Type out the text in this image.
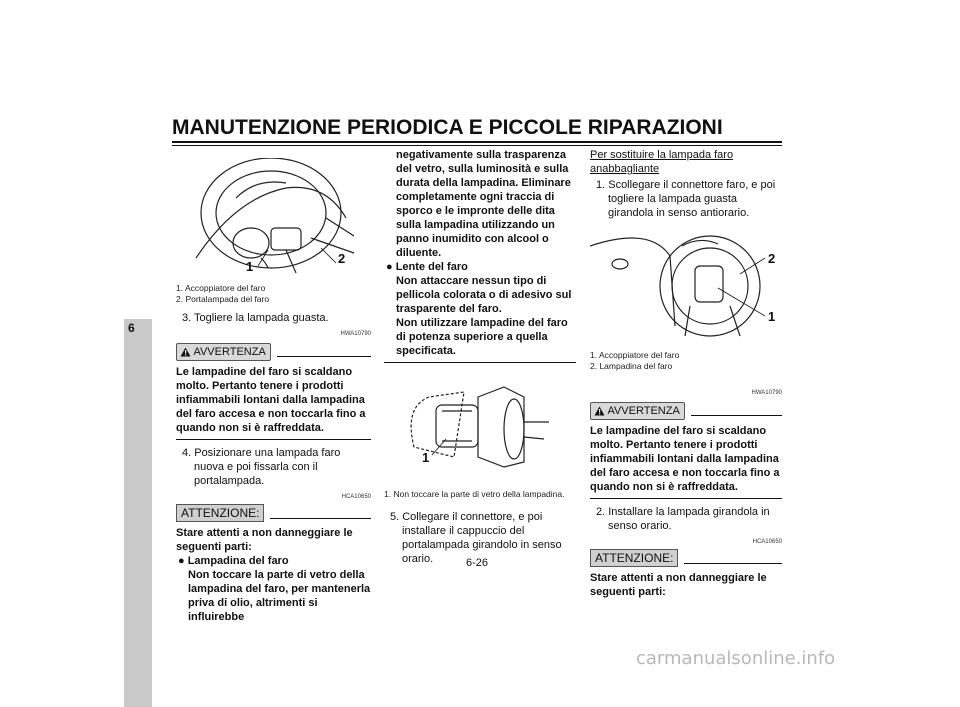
MANUTENZIONE PERIODICA E PICCOLE RIPARAZIONI
6
1
2
1. Accoppiatore del faro
2. Portalampada del faro
3. Togliere la lampada guasta.
HWA10790
AVVERTENZA
Le lampadine del faro si scaldano molto. Pertanto tenere i prodotti infiammabili lontani dalla lampadina del faro accesa e non toccarla fino a quando non si è raffreddata.
4. Posizionare una lampada faro nuova e poi fissarla con il portalampada.
HCA10650
ATTENZIONE:
Stare attenti a non danneggiare le seguenti parti:
● Lampadina del faro
Non toccare la parte di vetro della lampadina del faro, per mantenerla priva di olio, altrimenti si influirebbe
negativamente sulla trasparenza del vetro, sulla luminosità e sulla durata della lampadina. Eliminare completamente ogni traccia di sporco e le impronte delle dita sulla lampadina utilizzando un panno inumidito con alcool o diluente.
● Lente del faro
Non attaccare nessun tipo di pellicola colorata o di adesivo sul trasparente del faro.
Non utilizzare lampadine del faro di potenza superiore a quella specificata.
1
1. Non toccare la parte di vetro della lampadina.
5. Collegare il connettore, e poi installare il cappuccio del portalampada girandolo in senso orario.
Per sostituire la lampada faro anabbagliante
1. Scollegare il connettore faro, e poi togliere la lampada guasta girandola in senso antiorario.
2
1
1. Accoppiatore del faro
2. Lampadina del faro
HWA10790
AVVERTENZA
Le lampadine del faro si scaldano molto. Pertanto tenere i prodotti infiammabili lontani dalla lampadina del faro accesa e non toccarla fino a quando non si è raffreddata.
2. Installare la lampada girandola in senso orario.
HCA10650
ATTENZIONE:
Stare attenti a non danneggiare le seguenti parti:
6-26
carmanualsonline.info
